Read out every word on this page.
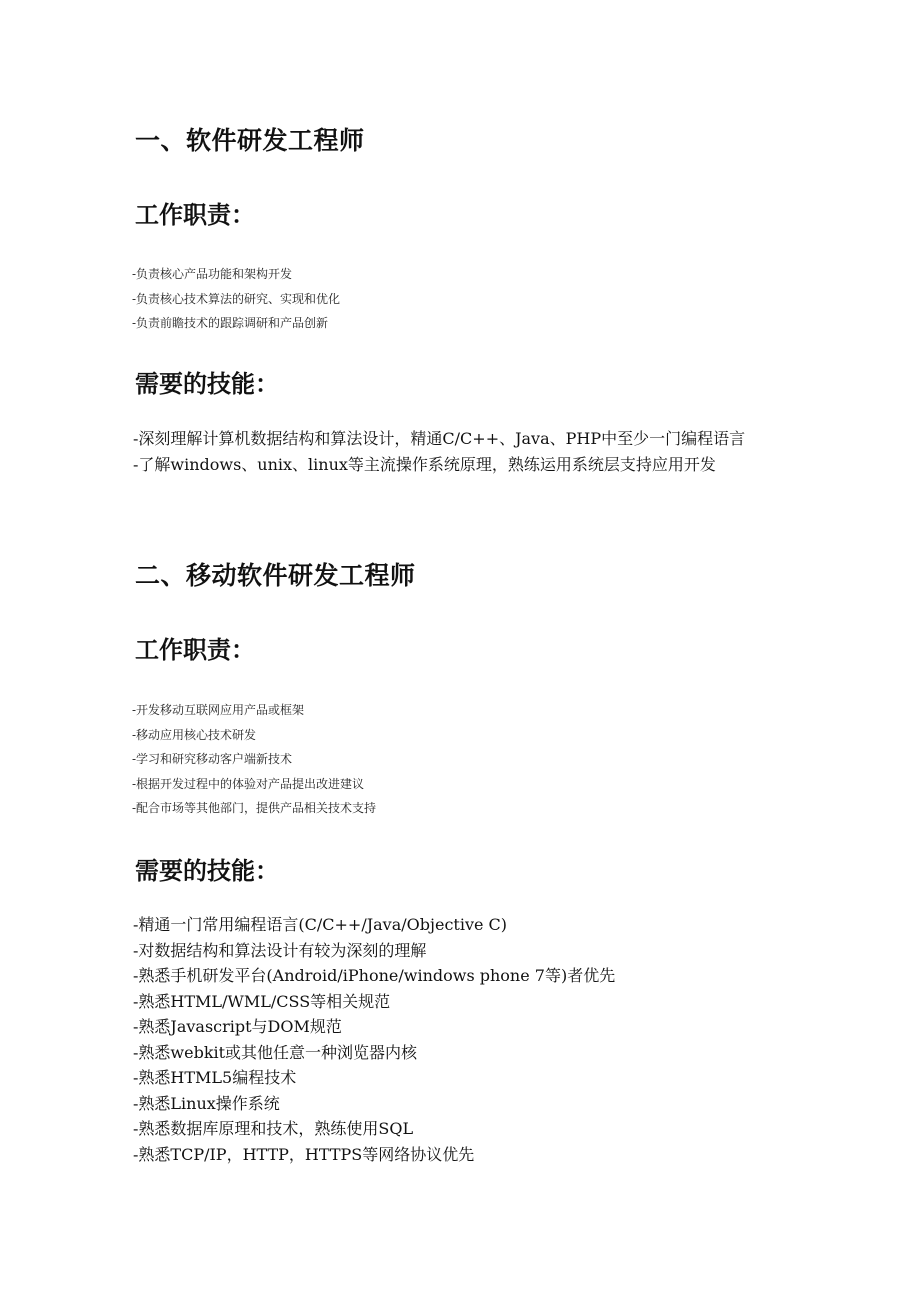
一、软件研发工程师
工作职责：
-负责核心产品功能和架构开发
-负责核心技术算法的研究、实现和优化
-负责前瞻技术的跟踪调研和产品创新
需要的技能：
-深刻理解计算机数据结构和算法设计，精通C/C++、Java、PHP中至少一门编程语言
-了解windows、unix、linux等主流操作系统原理，熟练运用系统层支持应用开发
二、移动软件研发工程师
工作职责：
-开发移动互联网应用产品或框架
-移动应用核心技术研发
-学习和研究移动客户端新技术
-根据开发过程中的体验对产品提出改进建议
-配合市场等其他部门，提供产品相关技术支持
需要的技能：
-精通一门常用编程语言(C/C++/Java/Objective C)
-对数据结构和算法设计有较为深刻的理解
-熟悉手机研发平台(Android/iPhone/windows phone 7等)者优先
-熟悉HTML/WML/CSS等相关规范
-熟悉Javascript与DOM规范
-熟悉webkit或其他任意一种浏览器内核
-熟悉HTML5编程技术
-熟悉Linux操作系统
-熟悉数据库原理和技术，熟练使用SQL
-熟悉TCP/IP，HTTP，HTTPS等网络协议优先
